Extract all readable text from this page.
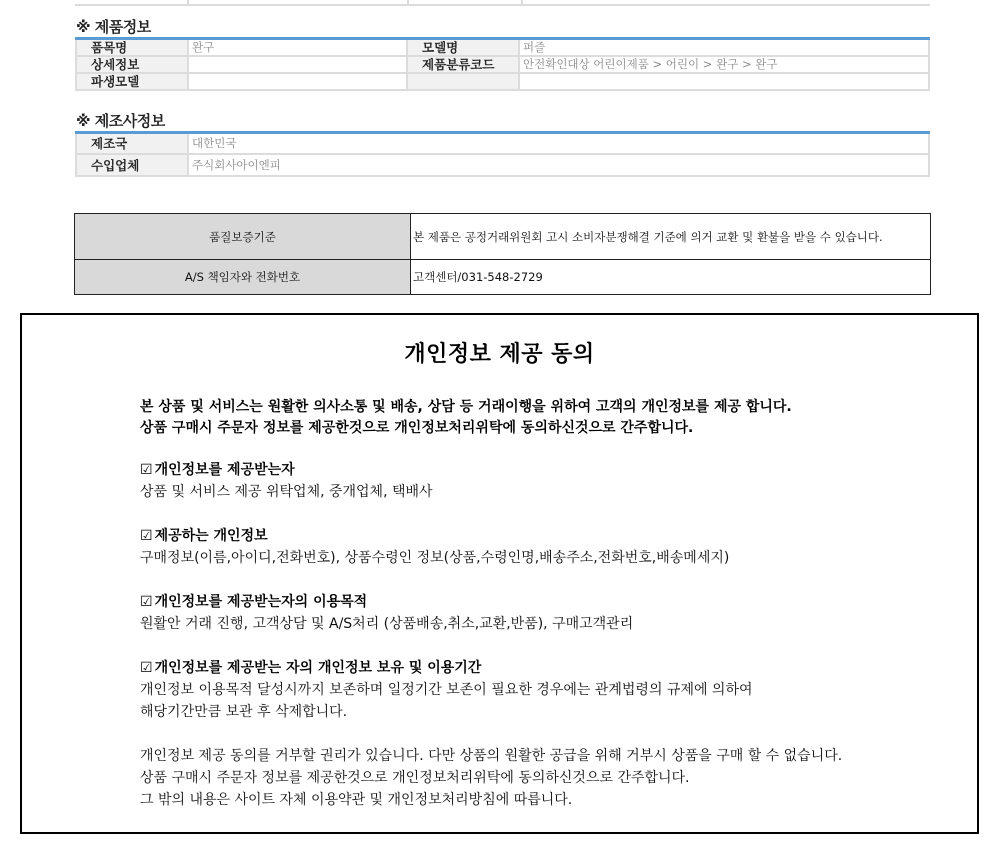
※ 제품정보
품목명	완구	모델명	퍼즐
상세정보		제품분류코드	안전확인대상 어린이제품 > 어린이 > 완구 > 완구
파생모델			
※ 제조사정보
제조국	대한민국
수입업체	주식회사아이엔피
품질보증기준	본 제품은 공정거래위원회 고시 소비자분쟁해결 기준에 의거 교환 및 환불을 받을 수 있습니다.
A/S 책임자와 전화번호	고객센터/031-548-2729
개인정보 제공 동의
본 상품 및 서비스는 원활한 의사소통 및 배송, 상담 등 거래이행을 위하여 고객의 개인정보를 제공 합니다.
상품 구매시 주문자 정보를 제공한것으로 개인정보처리위탁에 동의하신것으로 간주합니다.
☑ 개인정보를 제공받는자
상품 및 서비스 제공 위탁업체, 중개업체, 택배사
☑ 제공하는 개인정보
구매정보(이름,아이디,전화번호), 상품수령인 정보(상품,수령인명,배송주소,전화번호,배송메세지)
☑ 개인정보를 제공받는자의 이용목적
원활안 거래 진행, 고객상담 및 A/S처리 (상품배송,취소,교환,반품), 구매고객관리
☑ 개인정보를 제공받는 자의 개인정보 보유 및 이용기간
개인정보 이용목적 달성시까지 보존하며 일정기간 보존이 필요한 경우에는 관계법령의 규제에 의하여
해당기간만큼 보관 후 삭제합니다.
개인정보 제공 동의를 거부할 권리가 있습니다. 다만 상품의 원활한 공급을 위해 거부시 상품을 구매 할 수 없습니다.
상품 구매시 주문자 정보를 제공한것으로 개인정보처리위탁에 동의하신것으로 간주합니다.
그 밖의 내용은 사이트 자체 이용약관 및 개인정보처리방침에 따릅니다.
